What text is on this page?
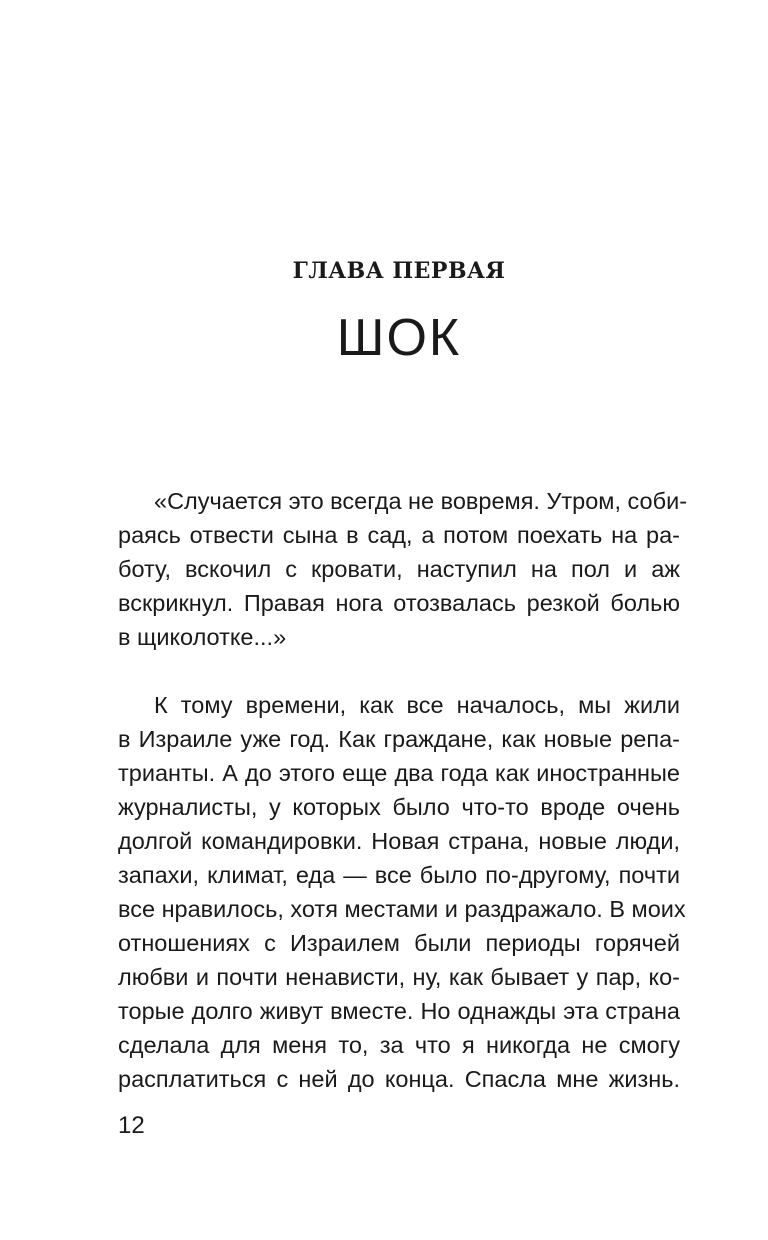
ГЛАВА ПЕРВАЯ
ШОК
«Случается это всегда не вовремя. Утром, соби-
раясь отвести сына в сад, а потом поехать на ра-
боту, вскочил с кровати, наступил на пол и аж
вскрикнул. Правая нога отозвалась резкой болью
в щиколотке...»
К тому времени, как все началось, мы жили
в Израиле уже год. Как граждане, как новые репа-
трианты. А до этого еще два года как иностранные
журналисты, у которых было что-то вроде очень
долгой командировки. Новая страна, новые люди,
запахи, климат, еда — все было по-другому, почти
все нравилось, хотя местами и раздражало. В моих
отношениях с Израилем были периоды горячей
любви и почти ненависти, ну, как бывает у пар, ко-
торые долго живут вместе. Но однажды эта страна
сделала для меня то, за что я никогда не смогу
расплатиться с ней до конца. Спасла мне жизнь.
12
